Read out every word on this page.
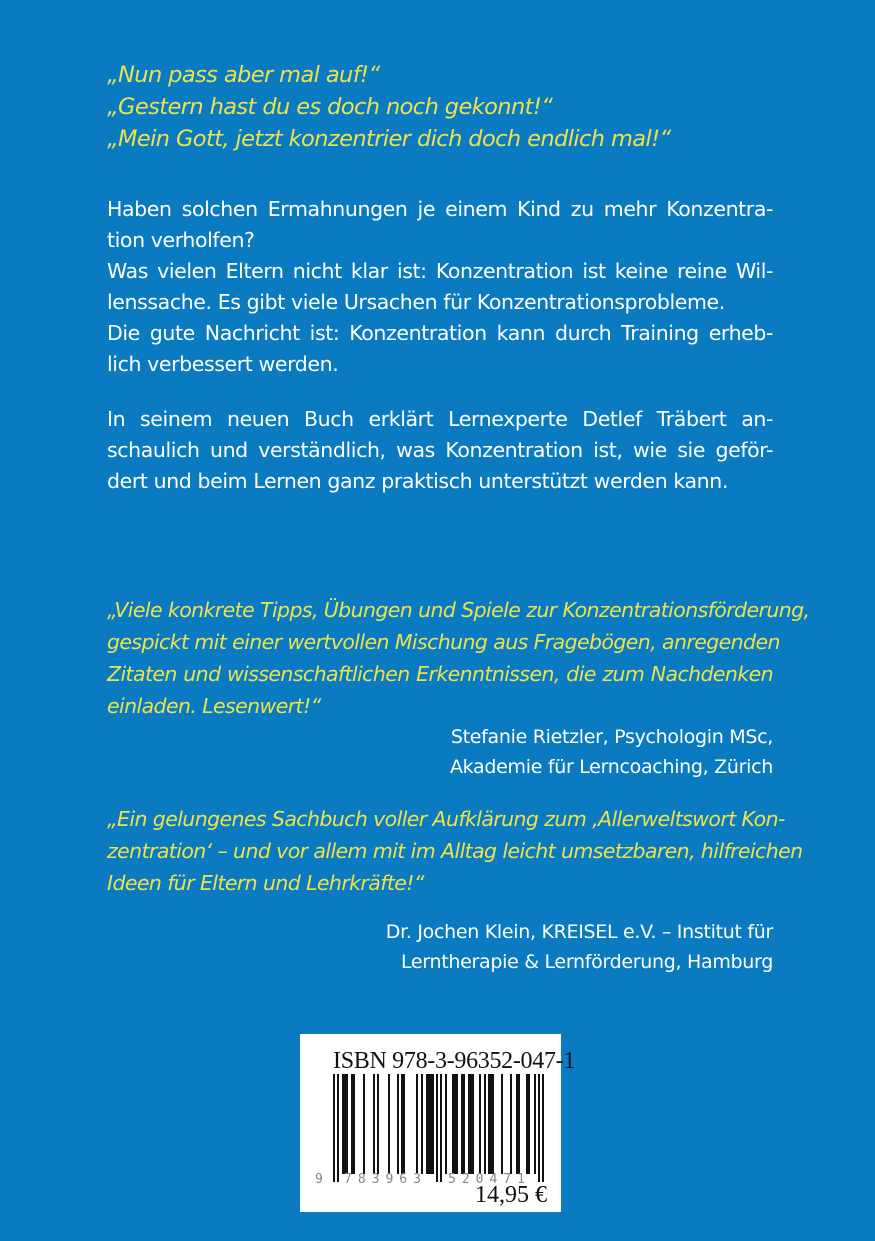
„Nun pass aber mal auf!“

„Gestern hast du es doch noch gekonnt!“

„Mein Gott, jetzt konzentrier dich doch endlich mal!“

Haben solchen Ermahnungen je einem Kind zu mehr Konzentra-
tion verholfen?
Was vielen Eltern nicht klar ist: Konzentration ist keine reine Wil-
lenssache. Es gibt viele Ursachen für Konzentrationsprobleme.
Die gute Nachricht ist: Konzentration kann durch Training erheb-
lich verbessert werden.
In seinem neuen Buch erklärt Lernexperte Detlef Träbert an-
schaulich und verständlich, was Konzentration ist, wie sie geför-
dert und beim Lernen ganz praktisch unterstützt werden kann.
„Viele konkrete Tipps, Übungen und Spiele zur Konzentrationsförderung,
gespickt mit einer wertvollen Mischung aus Fragebögen, anregenden
Zitaten und wissenschaftlichen Erkenntnissen, die zum Nachdenken
einladen. Lesenwert!“
Stefanie Rietzler, Psychologin MSc,
Akademie für Lerncoaching, Zürich
„Ein gelungenes Sachbuch voller Aufklärung zum ‚Allerweltswort Kon-
zentration‘ – und vor allem mit im Alltag leicht umsetzbaren, hilfreichen
Ideen für Eltern und Lehrkräfte!“
Dr. Jochen Klein, KREISEL e.V. – Institut für
Lerntherapie & Lernförderung, Hamburg
ISBN 978-3-96352-047-1
9 783963 520471
14,95 €
